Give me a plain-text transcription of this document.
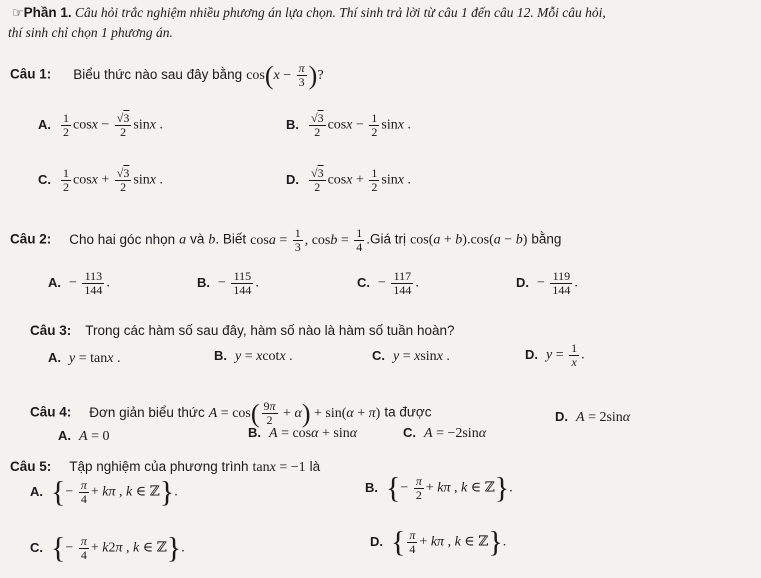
☞Phần 1. Câu hỏi trắc nghiệm nhiều phương án lựa chọn. Thí sinh trả lời từ câu 1 đến câu 12. Mỗi câu hỏi,
thí sinh chỉ chọn 1 phương án.
Câu 1: Biểu thức nào sau đây bằng $\cos(x - \frac{\pi}{3}$ )?
A. $\frac{1}{2}$ $\cos x - \frac{√3}{2}$ sinx .	B. $\frac{√3}{2}$ $\cos x - \frac{1}{2}$ sinx .
C. $\frac{1}{2}$ $\cos x + \frac{√3}{2}$ sinx .	D. $\frac{√3}{2}$ $\cos x + \frac{1}{2}$ sinx .
Câu 2: Cho hai góc nhọn a và b. Biết $\cos a = \frac{1}{3}$ , $\cos b = \frac{1}{4}$ .Giá trị cos(a + b).cos(a − b) bằng
A. − $\frac{113}{144}$ .	B. − $\frac{115}{144}$ .	C. − $\frac{117}{144}$ .	D. − $\frac{119}{144}$ .
Câu 3: Trong các hàm số sau đây, hàm số nào là hàm số tuần hoàn?
A. y = tanx .	B. y = xcotx .	C. y = xsinx .	D. $y = \frac{1}{x}$ .
Câu 4: Đơn giản biểu thức $A = \cos( \frac{9\pi}{2} + \alpha) + \sin(\alpha + \pi)$ ta được
A. A = 0	B. A = cosα + sinα	C. A = −2sinα
D. A = 2sinα
Câu 5: Tập nghiệm của phương trình tanx = −1 là
A. {− $\frac{\pi}{4} + k\pi$ , k ∈ ℤ}.	B. {− $\frac{\pi}{2} + k\pi$ , k ∈ ℤ}.
C. {− $\frac{\pi}{4} + k2\pi$ , k ∈ ℤ}.	D. { $\frac{\pi}{4} + k\pi$ , k ∈ ℤ}.
